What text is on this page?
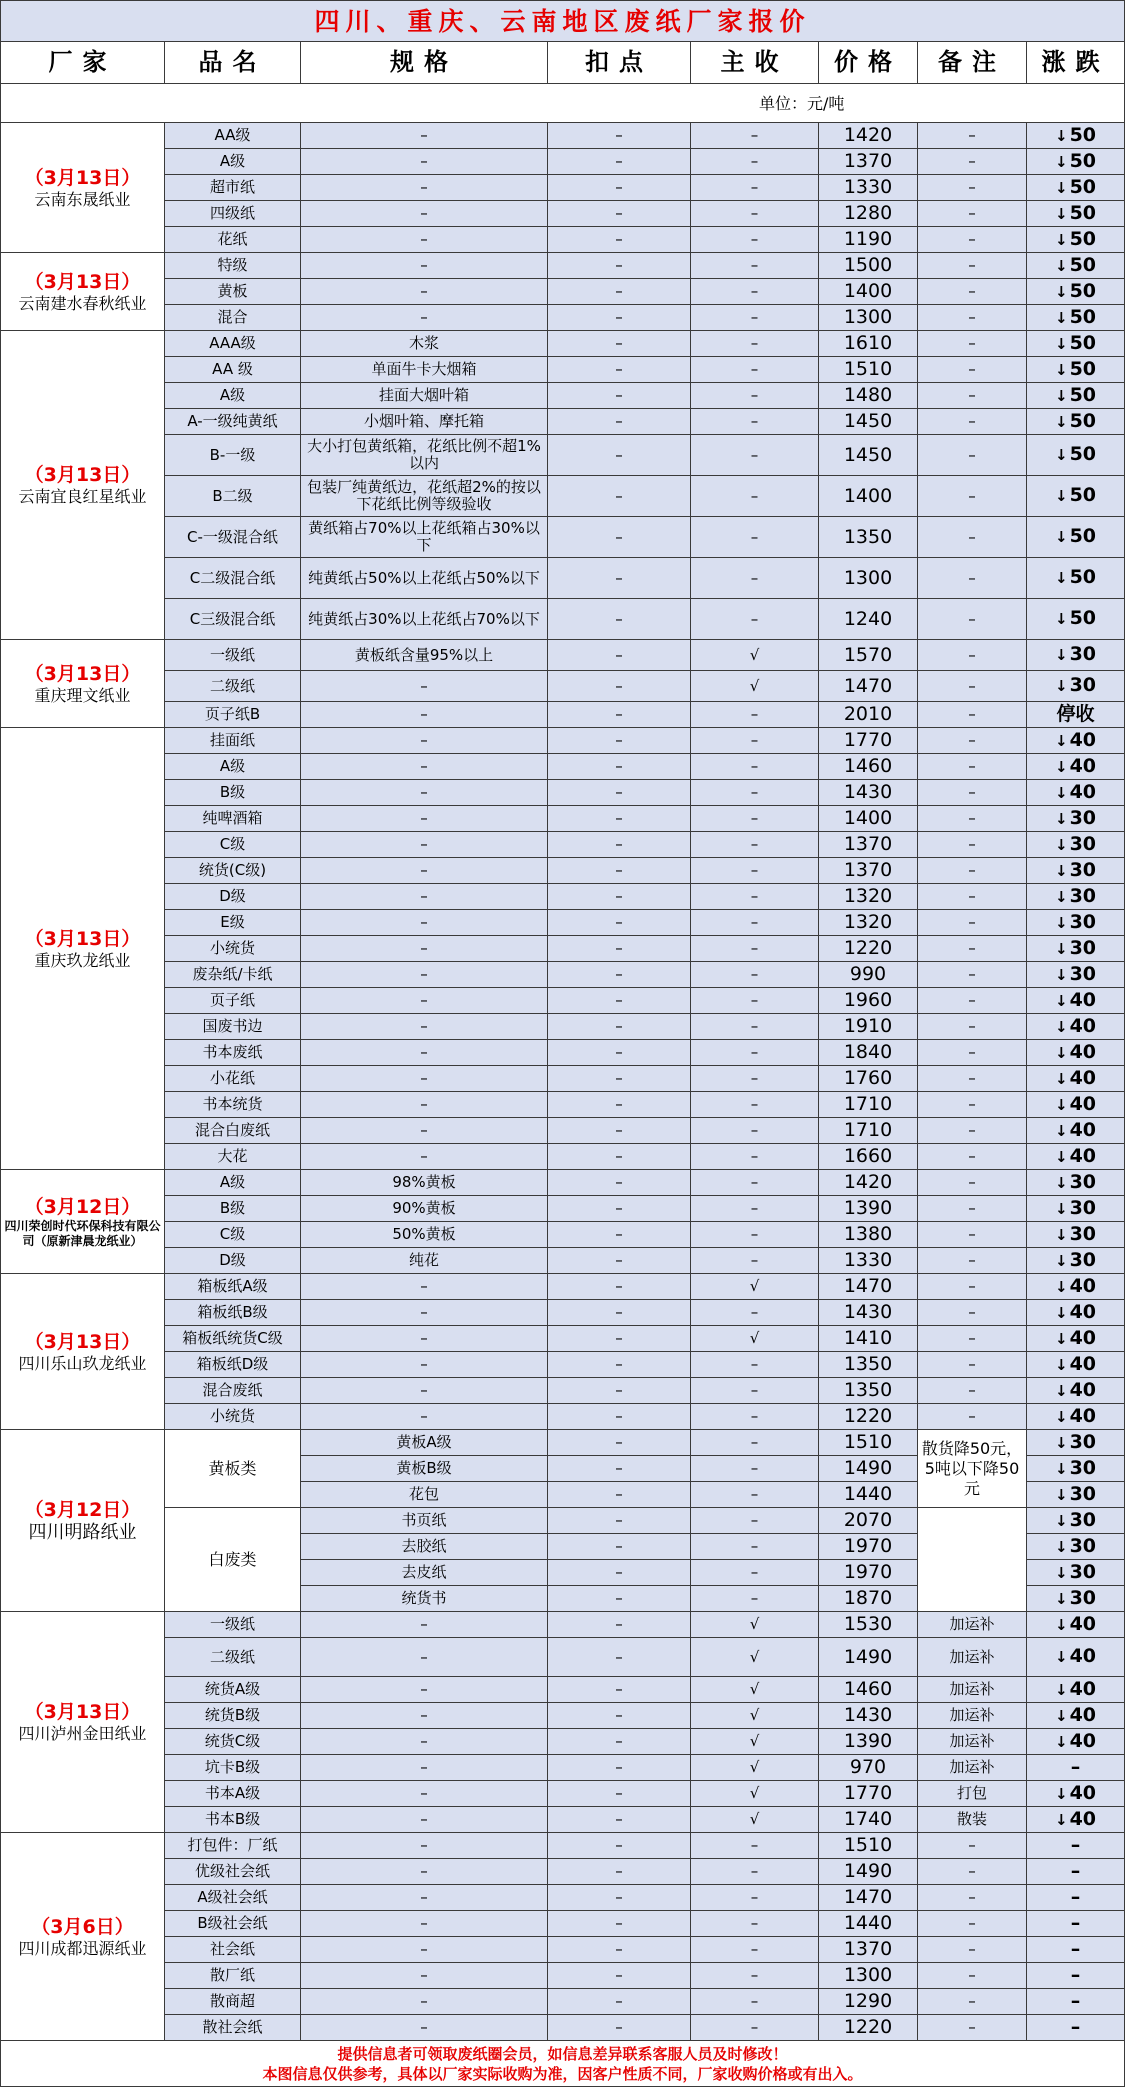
四川、重庆、云南地区废纸厂家报价							
厂家	品名	规格	扣点	主收	价格	备注	涨跌
单位：元/吨							

（3月13日）
云南东晟纸业	AA级	–	–	–	1420	–	↓ 50
	A级	–	–	–	1370	–	↓ 50
	超市纸	–	–	–	1330	–	↓ 50
	四级纸	–	–	–	1280	–	↓ 50
	花纸	–	–	–	1190	–	↓ 50

（3月13日）
云南建水春秋纸业	特级	–	–	–	1500	–	↓ 50
	黄板	–	–	–	1400	–	↓ 50
	混合	–	–	–	1300	–	↓ 50

（3月13日）
云南宜良红星纸业	AAA级	木浆	–	–	1610	–	↓ 50
	AA 级	单面牛卡大烟箱	–	–	1510	–	↓ 50
	A级	挂面大烟叶箱	–	–	1480	–	↓ 50
	A-一级纯黄纸	小烟叶箱、摩托箱	–	–	1450	–	↓ 50
	B-一级	大小打包黄纸箱，花纸比例不超1%以内	–	–	1450	–	↓ 50
	B二级	包装厂纯黄纸边，花纸超2%的按以下花纸比例等级验收	–	–	1400	–	↓ 50
	C-一级混合纸	黄纸箱占70%以上花纸箱占30%以下	–	–	1350	–	↓ 50
	C二级混合纸	纯黄纸占50%以上花纸占50%以下	–	–	1300	–	↓ 50
	C三级混合纸	纯黄纸占30%以上花纸占70%以下	–	–	1240	–	↓ 50

（3月13日）
重庆理文纸业	一级纸	黄板纸含量95%以上	–	√	1570	–	↓ 30
	二级纸	–	–	√	1470	–	↓ 30
	页子纸B	–	–	–	2010	–	停收

（3月13日）
重庆玖龙纸业	挂面纸	–	–	–	1770	–	↓ 40
	A级	–	–	–	1460	–	↓ 40
	B级	–	–	–	1430	–	↓ 40
	纯啤酒箱	–	–	–	1400	–	↓ 30
	C级	–	–	–	1370	–	↓ 30
	统货(C级)	–	–	–	1370	–	↓ 30
	D级	–	–	–	1320	–	↓ 30
	E级	–	–	–	1320	–	↓ 30
	小统货	–	–	–	1220	–	↓ 30
	废杂纸/卡纸	–	–	–	990	–	↓ 30
	页子纸	–	–	–	1960	–	↓ 40
	国废书边	–	–	–	1910	–	↓ 40
	书本废纸	–	–	–	1840	–	↓ 40
	小花纸	–	–	–	1760	–	↓ 40
	书本统货	–	–	–	1710	–	↓ 40
	混合白废纸	–	–	–	1710	–	↓ 40
	大花	–	–	–	1660	–	↓ 40

（3月12日）
四川荣创时代环保科技有限公司（原新津晨龙纸业）	A级	98%黄板	–	–	1420	–	↓ 30
	B级	90%黄板	–	–	1390	–	↓ 30
	C级	50%黄板	–	–	1380	–	↓ 30
	D级	纯花	–	–	1330	–	↓ 30

（3月13日）
四川乐山玖龙纸业	箱板纸A级	–	–	√	1470	–	↓ 40
	箱板纸B级	–	–	–	1430	–	↓ 40
	箱板纸统货C级	–	–	√	1410	–	↓ 40
	箱板纸D级	–	–	–	1350	–	↓ 40
	混合废纸	–	–	–	1350	–	↓ 40
	小统货	–	–	–	1220	–	↓ 40

（3月12日）
四川明路纸业	黄板类	黄板A级	–	–	1510	散货降50元，5吨以下降50元	↓ 30
		黄板B级	–	–	1490		↓ 30
		花包	–	–	1440		↓ 30
	白废类	书页纸	–	–	2070		↓ 30
		去胶纸	–	–	1970		↓ 30
		去皮纸	–	–	1970		↓ 30
		统货书	–	–	1870		↓ 30

（3月13日）
四川泸州金田纸业	一级纸	–	–	√	1530	加运补	↓ 40
	二级纸	–	–	√	1490	加运补	↓ 40
	统货A级	–	–	√	1460	加运补	↓ 40
	统货B级	–	–	√	1430	加运补	↓ 40
	统货C级	–	–	√	1390	加运补	↓ 40
	坑卡B级	–	–	√	970	加运补	–
	书本A级	–	–	√	1770	打包	↓ 40
	书本B级	–	–	√	1740	散装	↓ 40

（3月6日）
四川成都迅源纸业	打包件：厂纸	–	–	–	1510	–	–
	优级社会纸	–	–	–	1490	–	–
	A级社会纸	–	–	–	1470	–	–
	B级社会纸	–	–	–	1440	–	–
	社会纸	–	–	–	1370	–	–
	散厂纸	–	–	–	1300	–	–
	散商超	–	–	–	1290	–	–
	散社会纸	–	–	–	1220	–	–

提供信息者可领取废纸圈会员，如信息差异联系客服人员及时修改！
本图信息仅供参考，具体以厂家实际收购为准，因客户性质不同，厂家收购价格或有出入。							
